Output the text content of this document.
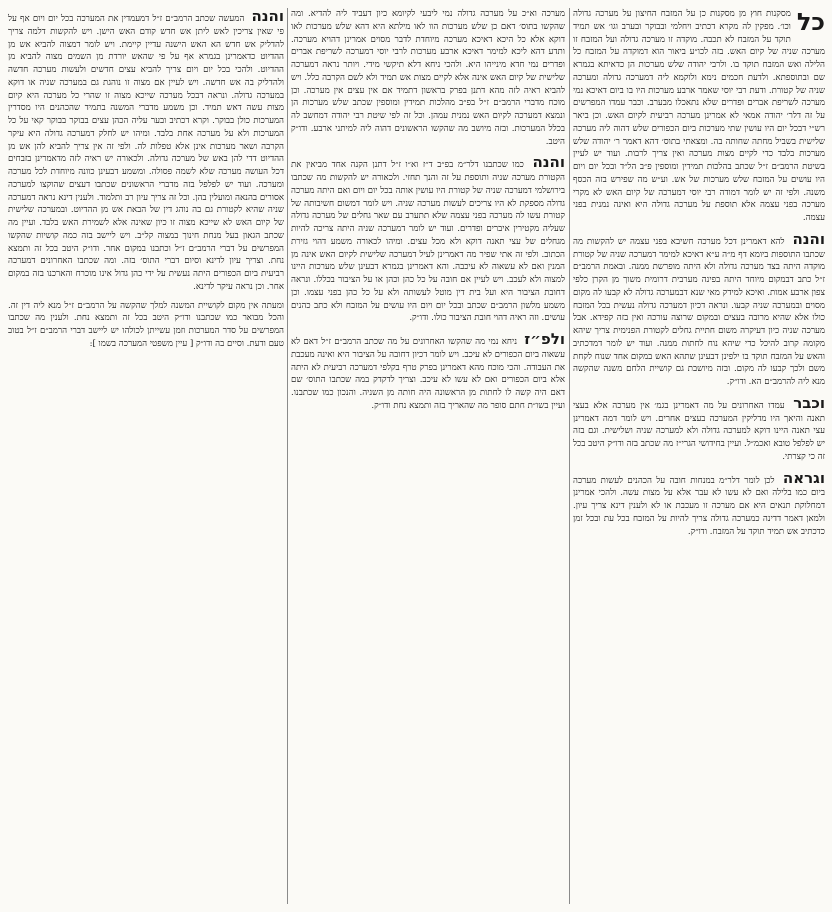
כל
מסקנות חוץ מן מסקנות כן על המזבח החיצון על מערכה גדולה וכו׳. מפקין לה מקרא דכתיב ויחלמי ובבוקר ובערב וגו׳ אש תמיד תוקד על המזבח לא תכבה. מוקדה זו מערכה גדולה ועל המזבח זו מערכה שניה של קיום האש. בזה לכו״ע ביאור הוא דמוקדה על המזבח כל הלילה ואש המזבח תוקד בו. ולרבי יהודה שלש מערכות הן כדאיתא בגמרא שם ובתוספתא. ולדעת חכמים נימא ולוקמא ליה דמערכה גדולה ומערכה שניה של קטורת. ודעת רבי יוסי שאמר ארבע מערכות היו בו ביום דאיכא נמי מערכה לשריפת אברים ופדרים שלא נתאכלו מבערב. וכבר עמדו המפרשים על זה דלר׳ יהודה אמאי לא אמרינן מערכה רביעית לקיום האש. וכן ביאר רש״י דבכל יום היו עושין שתי מערכות ביום הכפורים שלש דהוה ליה מערכה שלישית בשביל מחתה שחותה בה. ומצאתי בתוס׳ דהא דאמר ר׳ יהודה שלש מערכות בלבד כדי לקיים מצות מערכה ואין צריך לרבות. ועוד יש לעיין בשיטת הרמב״ם ז״ל שכתב בהלכות תמידין ומוספין פ״ב הל״ד ובכל יום ויום היו עושים על המזבח שלש מערכות של אש. וע״ש מה שפירש בזה הכסף משנה. ולפי זה יש לומר דמודה רבי יוסי דמערכה של קיום האש לא מקרי מערכה בפני עצמה אלא תוספת על מערכה גדולה היא ואינה נמנית בפני עצמה.

והנה להא דאמרינן דכל מערכה חשיבא בפני עצמה יש להקשות מה שכתבו התוספות ביומא דף מ״ה ע״א דאיכא למימר דמערכה שניה של קטורת מוקדה היתה בצד מערכה גדולה ולא היתה מופרשת ממנה. ובאמת הרמב״ם ז״ל כתב דבמקום מיוחד היתה בפינה מערבית דרומית משוך מן הקרן כלפי צפון ארבע אמות. ואיכא למידק מאי שנא דבמערכה גדולה לא קבעו לה מקום מסוים ובמערכה שניה קבעו. ונראה דכיון דמערכה גדולה נעשית בכל המזבח כולו אלא שהיא מרובה בעצים ובמקום שרוצה עורכה ואין בזה קפידא. אבל מערכה שניה כיון דעיקרה משום חתיית גחלים לקטורת הפנימית צריך שיהא מקומה קרוב להיכל כדי שיהא נוח לחתות ממנה. ועוד יש לומר דמדכתיב והאש על המזבח תוקד בו ילפינן דבעינן שתהא האש במקום אחד שנוח לקחת משם ולכך קבעו לה מקום. ובזה מיושבת גם קושיית הלחם משנה שהקשה מנא ליה להרמב״ם הא. ודו״ק.

וכבר עמדו האחרונים על מה דאמרינן בגמ׳ אין מערכה אלא בעצי תאנה והיאך היו מדליקין המערכה בעצים אחרים. ויש לומר דמה דאמרינן עצי תאנה היינו דוקא למערכה גדולה ולא למערכה שניה ושלישית. וגם בזה יש לפלפל טובא ואכמ״ל. ועיין בחידושי הגרי״ז מה שכתב בזה ודו״ק היטב בכל זה כי קצרתי.

וגראה לכן לומר דלר״מ במנחות חובה על הכהנים לעשות מערכה ביום כמו בלילה ואם לא עשו לא עבר אלא על מצות עשה. ולהכי אמרינן דמחלוקת תנאים היא אם מערכה זו מעכבת או לא ולענין דינא צריך עיון. ולמאן דאמר דדינה כמערכה גדולה צריך להיות על המזבח בכל עת ובכל זמן כדכתיב אש תמיד תוקד על המזבח. ודו״ק.

מערכה וא״כ על מערכה גדולה נמי ליבעי לקיומא כיון דעביד ליה להדיא. ומה שהקשו בתוס׳ דאם כן שלש מערכות הוו לאו מילתא היא דהא שלש מערכות לאו דוקא אלא כל היכא דאיכא מערכה מיוחדת לדבר מסוים אמרינן דהויא מערכה. ותדע דהא ליכא למימר דאיכא ארבע מערכות לרבי יוסי דמערכה לשריפת אברים ופדרים נמי חדא מינייהו היא. ולהכי ניחא דלא תיקשי מידי. ויותר נראה דמערכה שלישית של קיום האש אינה אלא לקיים מצות אש תמיד ולא לשם הקרבה כלל. ויש להביא ראיה לזה מהא דתנן בפרק בראשון דתמיד אם אין עצים אין מערכה. וכן מוכח מדברי הרמב״ם ז״ל בפ״ב מהלכות תמידין ומוספין שכתב שלש מערכות הן ונמצא דמערכה לקיום האש נמנית עמהן. וכל זה לפי שיטת רבי יהודה דמחשב לה בכלל המערכות. ובזה מיושב מה שהקשו הראשונים דהוה ליה למיתני ארבע. ודו״ק היטב.

והנה כמו שכתבנו דלר״מ בפ״ב ד״ז וא״ו ז״ל דתנן הקנה אחד מביאין את הקטורת מערכה שניה ותוספת על זה והנך תחזי. ולכאורה יש להקשות מה שכתבו בירושלמי דמערכה שניה של קטורת היו עושין אותה בכל יום ויום ואם היתה מערכה גדולה מספקת לא היו צריכים לעשות מערכה שניה. ויש לומר דמשום חשיבותה של קטורת עשו לה מערכה בפני עצמה שלא תתערב עם שאר גחלים של מערכה גדולה שעליה מקטירין איברים ופדרים. ועוד יש לומר דמערכה שניה היתה צריכה להיות מגחלים של עצי תאנה דוקא ולא מכל עצים. ומיהו לכאורה משמע דהוי גזירת הכתוב. ולפי זה אתי שפיר מה דאמרינן לעיל דמערכה שלישית לקיום האש אינה מן המנין ואם לא עשאוה לא עיכבה. והא דאמרינן בגמרא דבעינן שלש מערכות היינו למצוה ולא לעכב. ויש לעיין אם חובה על כל כהן וכהן או על הציבור בכללו. ונראה דחובת הציבור היא ועל בית דין מוטל לעשותה ולא על כל כהן בפני עצמו. וכן משמע מלשון הרמב״ם שכתב ובכל יום ויום היו עושים על המזבח ולא כתב כהנים עושים. וזה ראיה דהוי חובת הציבור כולו. ודו״ק.

ולפ״ז ניחא נמי מה שהקשו האחרונים על מה שכתב הרמב״ם ז״ל דאם לא עשאוה ביום הכפורים לא עיכב. ויש לומר דכיון דחובה על הציבור היא ואינה מעכבת את העבודה. והכי מוכח מהא דאמרינן בפרק טרף בקלפי דמערכה רביעית לא היתה אלא ביום הכפורים ואם לא עשו לא עיכב. וצריך לדקדק במה שכתבו התוס׳ שם דאם היה קשה לו לחתות מן הראשונה היה חותה מן השניה. והנכון כמו שכתבנו. ועיין בשו״ת חתם סופר מה שהאריך בזה ותמצא נחת ודו״ק.

והנה המעשה שכתב הרמב״ם ז״ל דמעמדין את המערכה בכל יום ויום אף על פי שאין צריכין לאש ליתן אש חדש קודם האש הישן. ויש להקשות דלמה צריך להדליק אש חדש הא האש הישנה עדיין קיימת. ויש לומר דמצוה להביא אש מן ההדיוט כדאמרינן בגמרא אף על פי שהאש יורדת מן השמים מצוה להביא מן ההדיוט. ולהכי בכל יום ויום צריך להביא עצים חדשים ולעשות מערכה חדשה ולהדליק בה אש חדשה. ויש לעיין אם מצוה זו נוהגת גם במערכה שניה או דוקא במערכה גדולה. ונראה דבכל מערכה שייכא מצוה זו שהרי כל מערכה היא קיום מצות עשה דאש תמיד. וכן משמע מדברי המשנה בתמיד שהכהנים היו מסדרין המערכות כולן בבוקר. וקרא דכתיב ובער עליה הכהן עצים בבוקר בבוקר קאי על כל המערכות ולא על מערכה אחת בלבד. ומיהו יש לחלק דמערכה גדולה היא עיקר הקרבה ושאר מערכות אינן אלא טפלות לה. ולפי זה אין צריך להביא להן אש מן ההדיוט דדי להן באש של מערכה גדולה. ולכאורה יש ראיה לזה מדאמרינן בזבחים דכל העושה מערכה שלא לשמה פסולה. ומשמע דבעינן כוונה מיוחדת לכל מערכה ומערכה. ועוד יש לפלפל בזה מדברי הראשונים שכתבו דעצים שהוקצו למערכה אסורים בהנאה ומועלין בהן. וכל זה צריך עיון רב ותלמוד. ולענין דינא נראה דמערכה שניה שהיא לקטורת גם בה נוהג דין של הבאת אש מן ההדיוט. ובמערכה שלישית של קיום האש לא שייכא מצוה זו כיון שאינה אלא לשמירת האש בלבד. ועיין מה שכתב הגאון בעל מנחת חינוך במצוה קל״ב. ויש ליישב בזה כמה קושיות שהקשו המפרשים על דברי הרמב״ם ז״ל וכתבנו במקום אחר. ודו״ק היטב בכל זה ותמצא נחת. וצריך עיון לדינא וסיום דברי התוס׳ בזה. ומה שכתבו האחרונים דמערכה רביעית ביום הכפורים היתה נעשית על ידי כהן גדול אינו מוכרח והארכנו בזה במקום אחר. וכן נראה עיקר לדינא.

ומעתה אין מקום לקושיית המשנה למלך שהקשה על הרמב״ם ז״ל מנא ליה דין זה. והכל מבואר כמו שכתבנו ודו״ק היטב בכל זה ותמצא נחת. ולענין מה שכתבו המפרשים על סדר המערכות וזמן עשייתן לכולהו יש ליישב דברי הרמב״ם ז״ל בטוב טעם ודעת. וסיים בה ודו״ק [ עיין משפטי המערכה בשמו ]:
